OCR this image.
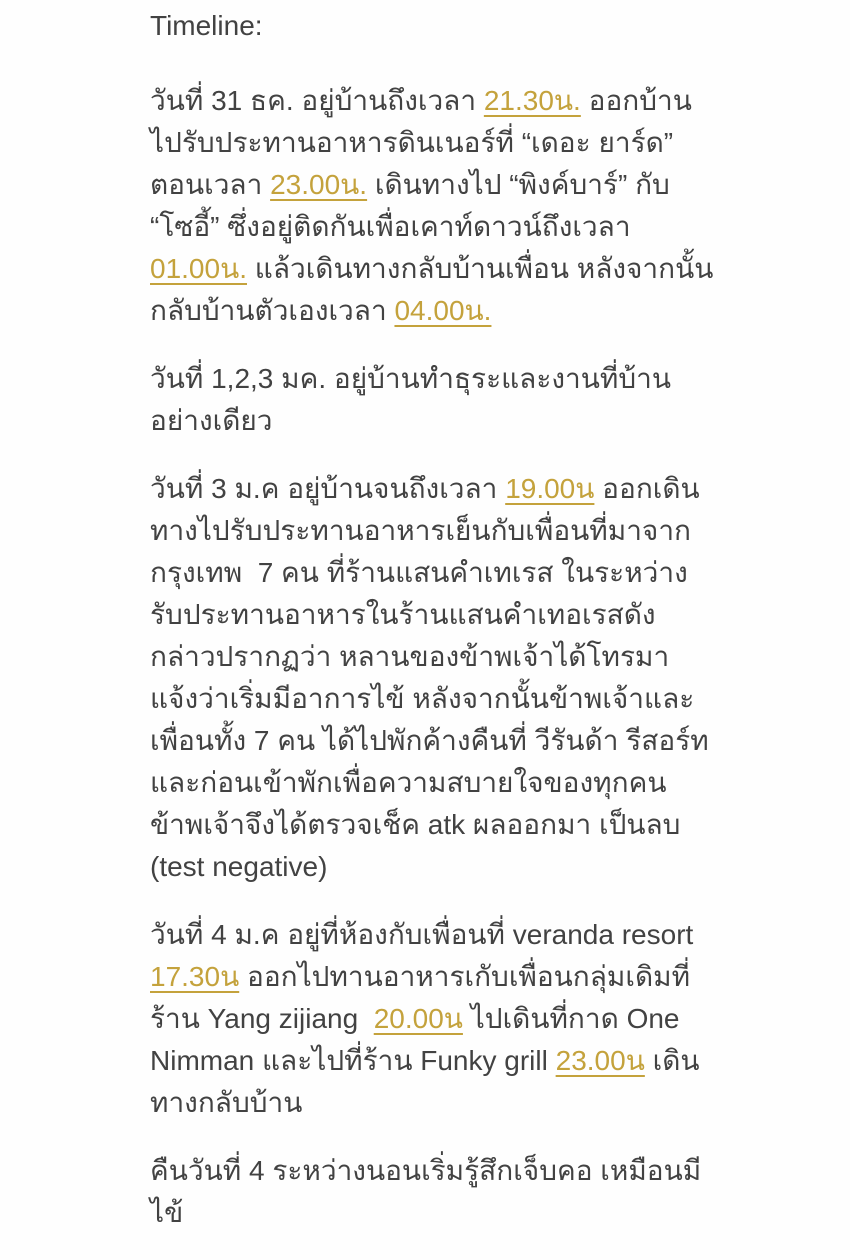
Timeline:

วันที่ 31 ธค. อยู่บ้านถึงเวลา 21.30น. ออกบ้านไปรับประทานอาหารดินเนอร์ที่ “เดอะ ยาร์ด” ตอนเวลา 23.00น. เดินทางไป “พิงค์บาร์” กับ “โซอี้” ซึ่งอยู่ติดกันเพื่อเคาท์ดาวน์ถึงเวลา 01.00น. แล้วเดินทางกลับบ้านเพื่อน หลังจากนั้นกลับบ้านตัวเองเวลา 04.00น.

วันที่ 1,2,3 มค. อยู่บ้านทำธุระและงานที่บ้านอย่างเดียว

วันที่ 3 ม.ค อยู่บ้านจนถึงเวลา 19.00น ออกเดินทางไปรับประทานอาหารเย็นกับเพื่อนที่มาจากกรุงเทพ  7 คน ที่ร้านแสนคำเทเรส ในระหว่างรับประทานอาหารในร้านแสนคำเทอเรสดังกล่าวปรากฏว่า หลานของข้าพเจ้าได้โทรมาแจ้งว่าเริ่มมีอาการไข้ หลังจากนั้นข้าพเจ้าและเพื่อนทั้ง 7 คน ได้ไปพักค้างคืนที่ วีรันด้า รีสอร์ท และก่อนเข้าพักเพื่อความสบายใจของทุกคนข้าพเจ้าจึงได้ตรวจเช็ค atk ผลออกมา เป็นลบ (test negative)

วันที่ 4 ม.ค อยู่ที่ห้องกับเพื่อนที่ veranda resort 17.30น ออกไปทานอาหารเกับเพื่อนกลุ่มเดิมที่  ร้าน Yang zijiang  20.00น ไปเดินที่กาด One Nimman และไปที่ร้าน Funky grill 23.00น เดินทางกลับบ้าน

คืนวันที่ 4 ระหว่างนอนเริ่มรู้สึกเจ็บคอ เหมือนมีไข้
